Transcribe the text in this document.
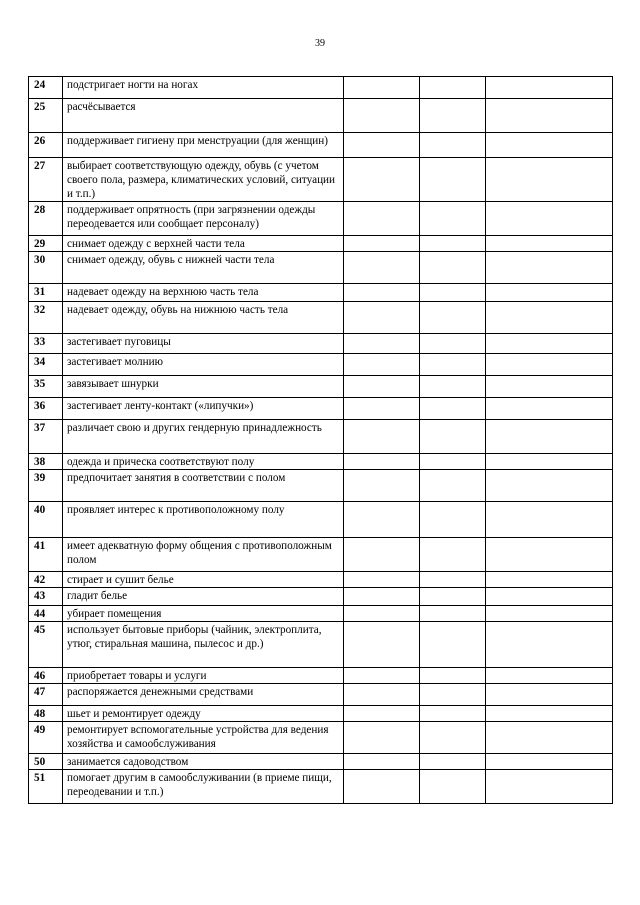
39
24	подстригает ногти на ногах			
25	расчёсывается			
26	поддерживает гигиену при менструации (для женщин)			
27	выбирает соответствующую одежду, обувь (с учетом своего пола, размера, климатических условий, ситуации и т.п.)			
28	поддерживает опрятность (при загрязнении одежды переодевается или сообщает персоналу)			
29	снимает одежду с верхней части тела			
30	снимает одежду, обувь с нижней части тела			
31	надевает одежду на верхнюю часть тела			
32	надевает одежду, обувь на нижнюю часть тела			
33	застегивает пуговицы			
34	застегивает молнию			
35	завязывает шнурки			
36	застегивает ленту-контакт («липучки»)			
37	различает свою и других гендерную принадлежность			
38	одежда и прическа соответствуют полу			
39	предпочитает занятия в соответствии с полом			
40	проявляет интерес к противоположному полу			
41	имеет адекватную форму общения с противоположным полом			
42	стирает и сушит белье			
43	гладит белье			
44	убирает помещения			
45	использует бытовые приборы (чайник, электроплита, утюг, стиральная машина, пылесос и др.)			
46	приобретает товары и услуги			
47	распоряжается денежными средствами			
48	шьет и ремонтирует одежду			
49	ремонтирует вспомогательные устройства для ведения хозяйства и самообслуживания			
50	занимается садоводством			
51	помогает другим в самообслуживании (в приеме пищи, переодевании и т.п.)			
